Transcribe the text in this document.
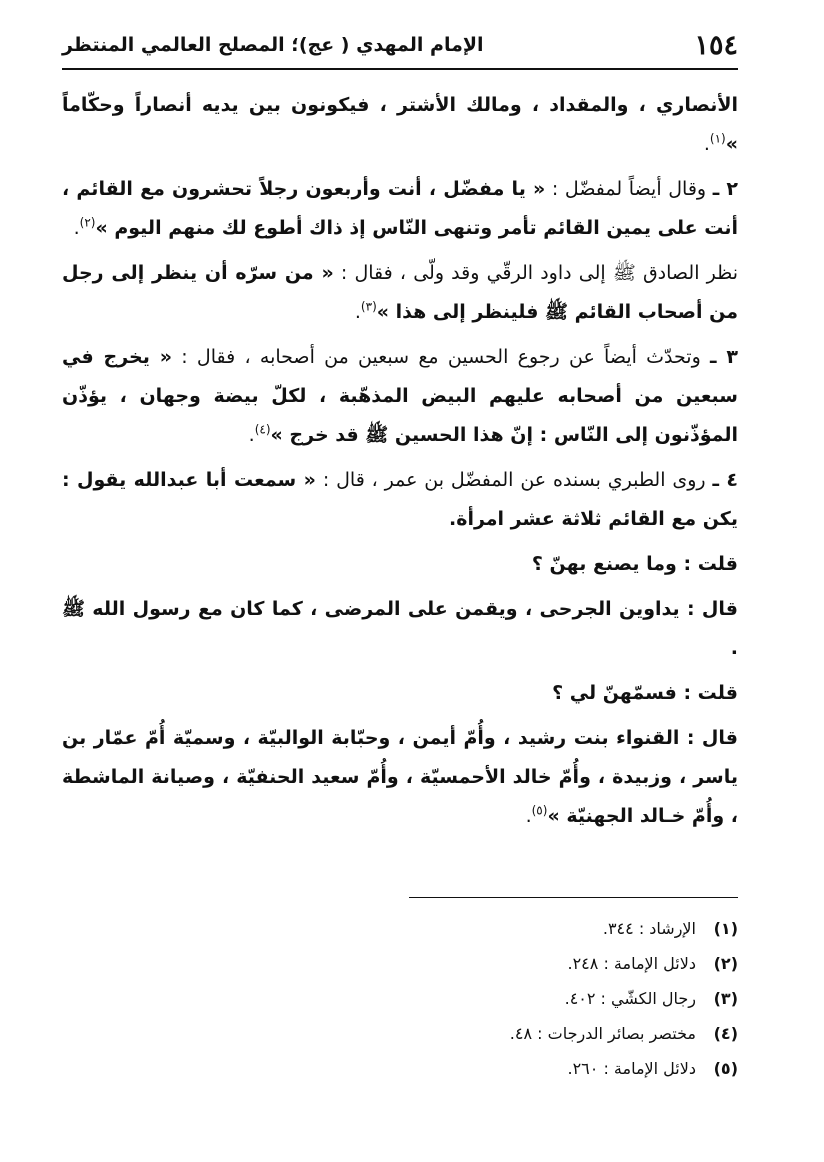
١٥٤
الإمام المهدي ( عج)؛ المصلح العالمي المنتظر

الأنصاري ، والمقداد ، ومالك الأشتر ، فيكونون بين يديه أنصاراً وحكّاماً »$^{(١)}$.

٢ ـ وقال أيضاً لمفضّل : « يا مفضّل ، أنت وأربعون رجلاً تحشرون مع القائم ، أنت على يمين القائم تأمر وتنهى النّاس إذ ذاك أطوع لك منهم اليوم »$^{(٢)}$.

نظر الصادق ﷺ إلى داود الرقّي وقد ولّى ، فقال : « من سرّه أن ينظر إلى رجل من أصحاب القائم ﷺ فلينظر إلى هذا »$^{(٣)}$.

٣ ـ وتحدّث أيضاً عن رجوع الحسين مع سبعين من أصحابه ، فقال : « يخرج في سبعين من أصحابه عليهم البيض المذهّبة ، لكلّ بيضة وجهان ، يؤذّن المؤذّنون إلى النّاس : إنّ هذا الحسين ﷺ قد خرج »$^{(٤)}$.

٤ ـ روى الطبري بسنده عن المفضّل بن عمر ، قال : « سمعت أبا عبدالله يقول : يكن مع القائم ثلاثة عشر امرأة.

قلت : وما يصنع بهنّ ؟

قال : يداوين الجرحى ، ويقمن على المرضى ، كما كان مع رسول الله ﷺ .

قلت : فسمّهنّ لي ؟

قال : القنواء بنت رشيد ، وأُمّ أيمن ، وحبّابة الوالبيّة ، وسميّة أُمّ عمّار بن ياسر ، وزبيدة ، وأُمّ خالد الأحمسيّة ، وأُمّ سعيد الحنفيّة ، وصيانة الماشطة ، وأُمّ خـالد الجهنيّة »$^{(٥)}$.

(١)
الإرشاد : ٣٤٤.
(٢)
دلائل الإمامة : ٢٤٨.
(٣)
رجال الكشّي : ٤٠٢.
(٤)
مختصر بصائر الدرجات : ٤٨.
(٥)
دلائل الإمامة : ٢٦٠.
